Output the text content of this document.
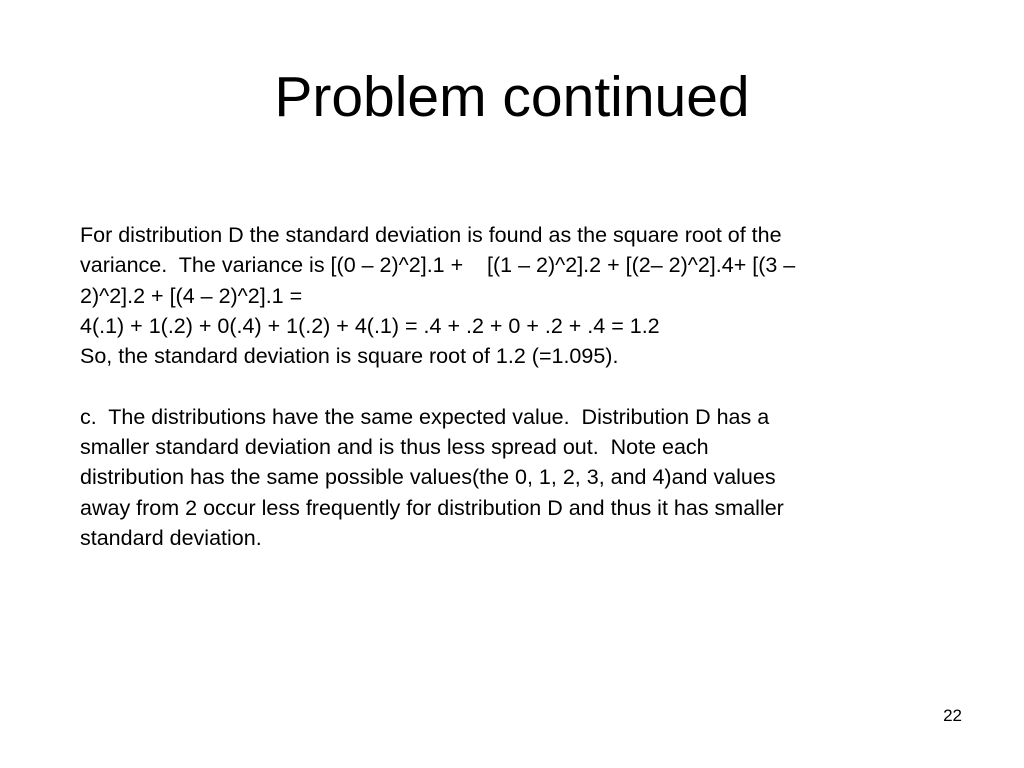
Problem continued

For distribution D the standard deviation is found as the square root of the

variance.  The variance is [(0 – 2)^2].1 +    [(1 – 2)^2].2 + [(2– 2)^2].4+ [(3 –

2)^2].2 + [(4 – 2)^2].1 =

4(.1) + 1(.2) + 0(.4) + 1(.2) + 4(.1) = .4 + .2 + 0 + .2 + .4 = 1.2

So, the standard deviation is square root of 1.2 (=1.095).

c.  The distributions have the same expected value.  Distribution D has a

smaller standard deviation and is thus less spread out.  Note each

distribution has the same possible values(the 0, 1, 2, 3, and 4)and values

away from 2 occur less frequently for distribution D and thus it has smaller

standard deviation.

22
